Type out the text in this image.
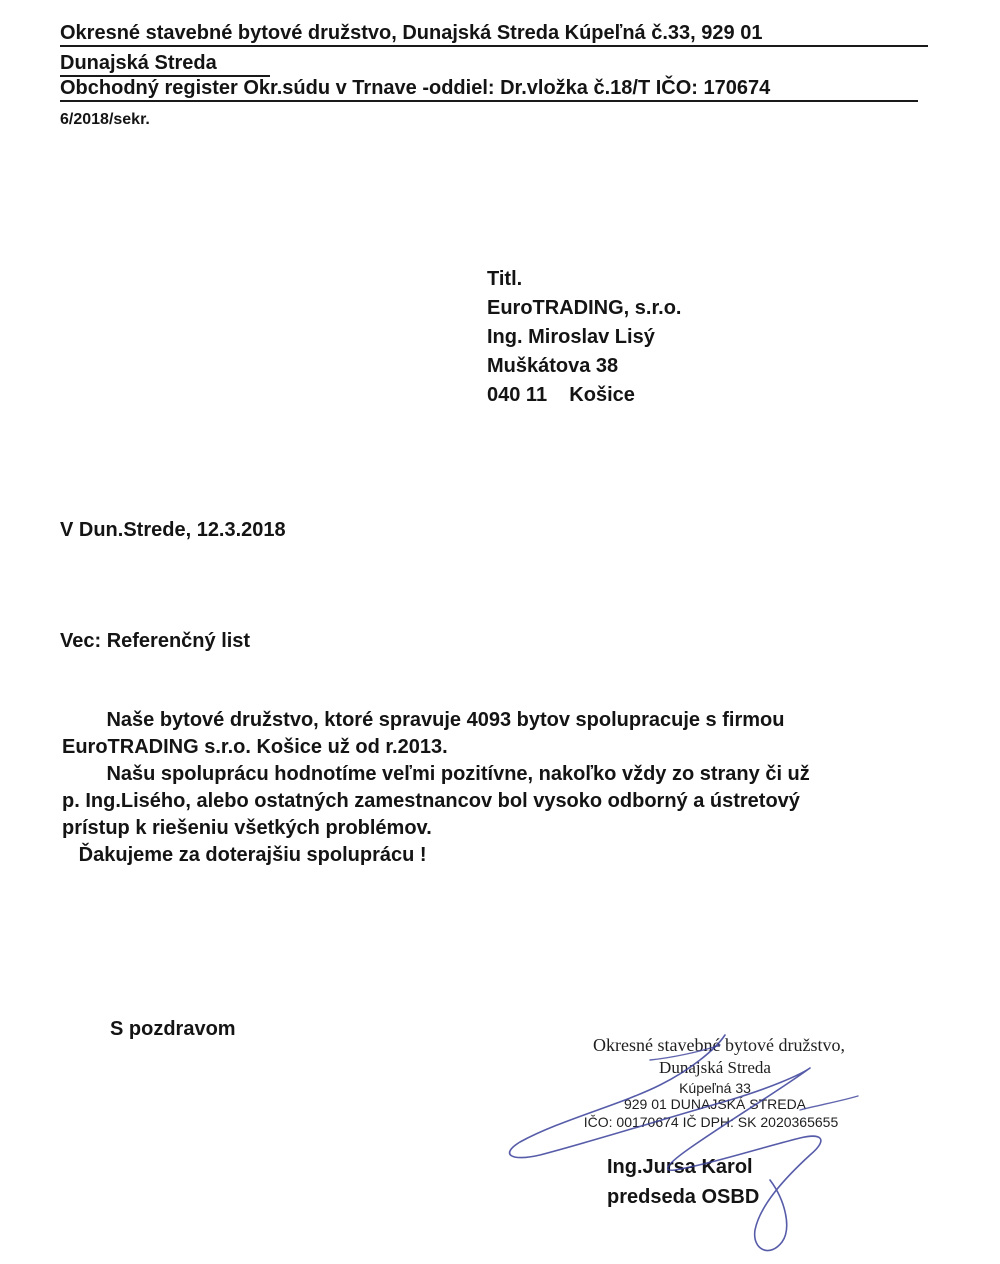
Okresné stavebné bytové družstvo, Dunajská Streda Kúpeľná č.33, 929 01
Dunajská Streda
Obchodný register Okr.súdu v Trnave -oddiel: Dr.vložka č.18/T IČO: 170674
6/2018/sekr.
Titl.
EuroTRADING, s.r.o.
Ing. Miroslav Lisý
Muškátova 38
040 11    Košice
V Dun.Strede, 12.3.2018
Vec: Referenčný list
Naše bytové družstvo, ktoré spravuje 4093 bytov spolupracuje s firmou
EuroTRADING s.r.o. Košice už od r.2013.
Našu spoluprácu hodnotíme veľmi pozitívne, nakoľko vždy zo strany či už
p. Ing.Lisého, alebo ostatných zamestnancov bol vysoko odborný a ústretový
prístup k riešeniu všetkých problémov.
Ďakujeme za doterajšiu spoluprácu !
S pozdravom
Okresné stavebné bytové družstvo,
Dunajská Streda
Kúpeľná 33
929 01 DUNAJSKÁ STREDA
IČO: 00170674 IČ DPH: SK 2020365655
Ing.Jursa Karol
predseda OSBD
